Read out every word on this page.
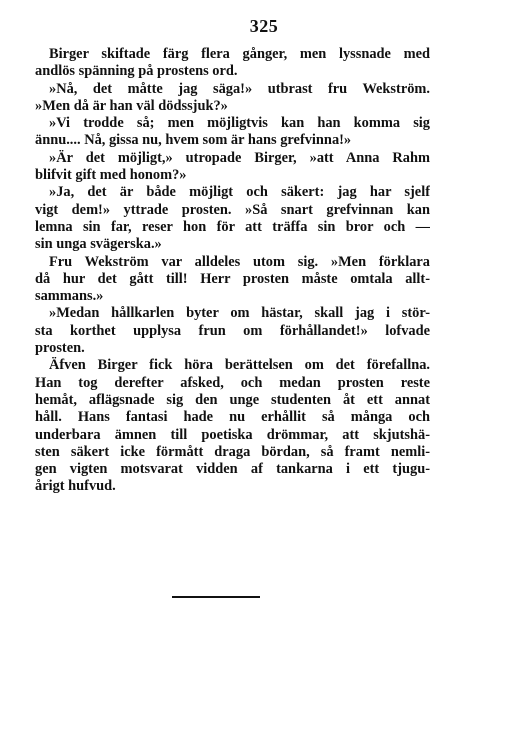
325
Birger skiftade färg flera gånger, men lyssnade med
andlös spänning på prostens ord.
»Nå, det måtte jag säga!» utbrast fru Wekström.
»Men då är han väl dödssjuk?»
»Vi trodde så; men möjligtvis kan han komma sig
ännu.... Nå, gissa nu, hvem som är hans grefvinna!»
»Är det möjligt,» utropade Birger, »att Anna Rahm
blifvit gift med honom?»
»Ja, det är både möjligt och säkert: jag har sjelf
vigt dem!» yttrade prosten. »Så snart grefvinnan kan
lemna sin far, reser hon för att träffa sin bror och —
sin unga svägerska.»
Fru Wekström var alldeles utom sig. »Men förklara
då hur det gått till! Herr prosten måste omtala allt-
sammans.»
»Medan hållkarlen byter om hästar, skall jag i stör-
sta korthet upplysa frun om förhållandet!» lofvade
prosten.
Äfven Birger fick höra berättelsen om det förefallna.
Han tog derefter afsked, och medan prosten reste
hemåt, aflägsnade sig den unge studenten åt ett annat
håll. Hans fantasi hade nu erhållit så många och
underbara ämnen till poetiska drömmar, att skjutshä-
sten säkert icke förmått draga bördan, så framt nemli-
gen vigten motsvarat vidden af tankarna i ett tjugu-
årigt hufvud.
